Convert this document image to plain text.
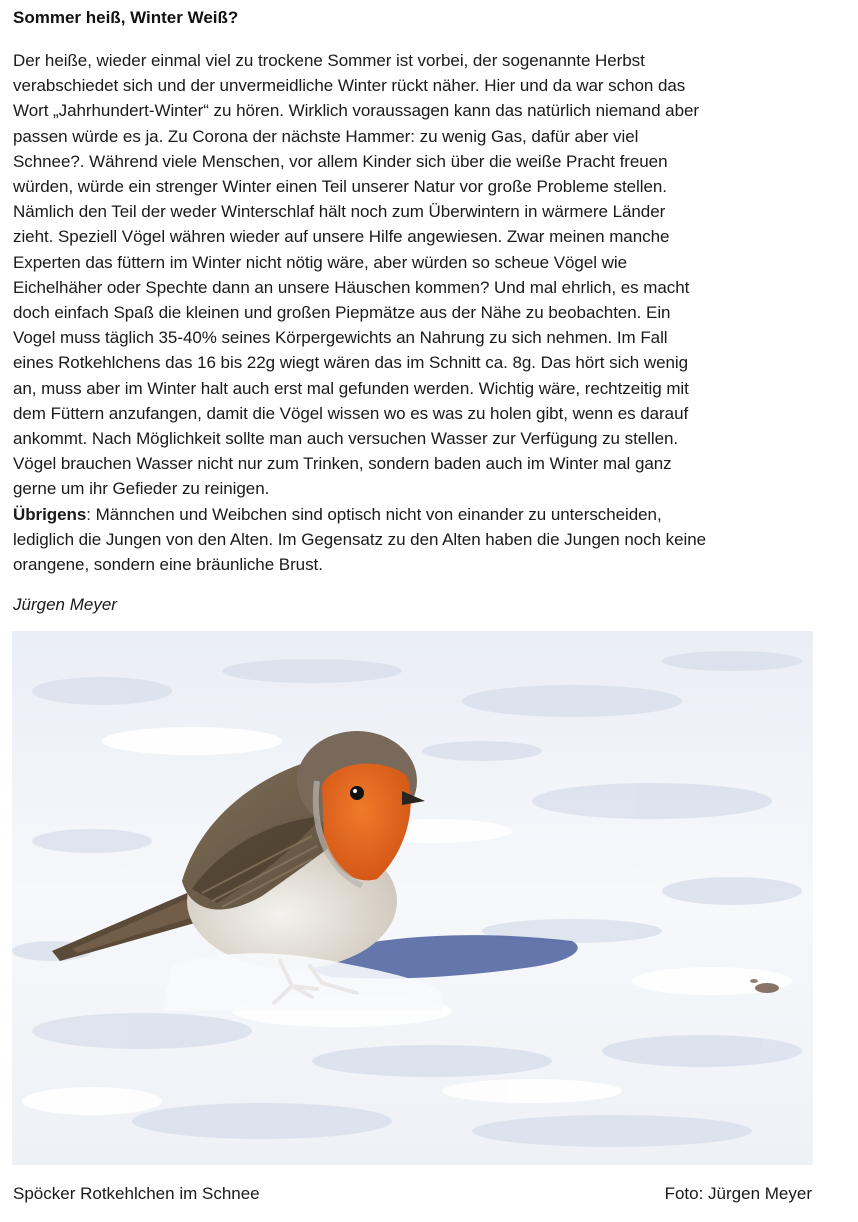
Sommer heiß, Winter Weiß?
Der heiße, wieder einmal viel zu trockene Sommer ist vorbei, der sogenannte Herbst
verabschiedet sich und der unvermeidliche Winter rückt näher. Hier und da war schon das
Wort „Jahrhundert-Winter“ zu hören. Wirklich voraussagen kann das natürlich niemand aber
passen würde es ja. Zu Corona der nächste Hammer: zu wenig Gas, dafür aber viel
Schnee?. Während viele Menschen, vor allem Kinder sich über die weiße Pracht freuen
würden, würde ein strenger Winter einen Teil unserer Natur vor große Probleme stellen.
Nämlich den Teil der weder Winterschlaf hält noch zum Überwintern in wärmere Länder
zieht. Speziell Vögel währen wieder auf unsere Hilfe angewiesen. Zwar meinen manche
Experten das füttern im Winter nicht nötig wäre, aber würden so scheue Vögel wie
Eichelhäher oder Spechte dann an unsere Häuschen kommen? Und mal ehrlich, es macht
doch einfach Spaß die kleinen und großen Piepmätze aus der Nähe zu beobachten. Ein
Vogel muss täglich 35-40% seines Körpergewichts an Nahrung zu sich nehmen. Im Fall
eines Rotkehlchens das 16 bis 22g wiegt wären das im Schnitt ca. 8g. Das hört sich wenig
an, muss aber im Winter halt auch erst mal gefunden werden. Wichtig wäre, rechtzeitig mit
dem Füttern anzufangen, damit die Vögel wissen wo es was zu holen gibt, wenn es darauf
ankommt. Nach Möglichkeit sollte man auch versuchen Wasser zur Verfügung zu stellen.
Vögel brauchen Wasser nicht nur zum Trinken, sondern baden auch im Winter mal ganz
gerne um ihr Gefieder zu reinigen.
Übrigens: Männchen und Weibchen sind optisch nicht von einander zu unterscheiden,
lediglich die Jungen von den Alten. Im Gegensatz zu den Alten haben die Jungen noch keine
orangene, sondern eine bräunliche Brust.

Jürgen Meyer

Spöcker Rotkehlchen im Schnee	Foto: Jürgen Meyer
